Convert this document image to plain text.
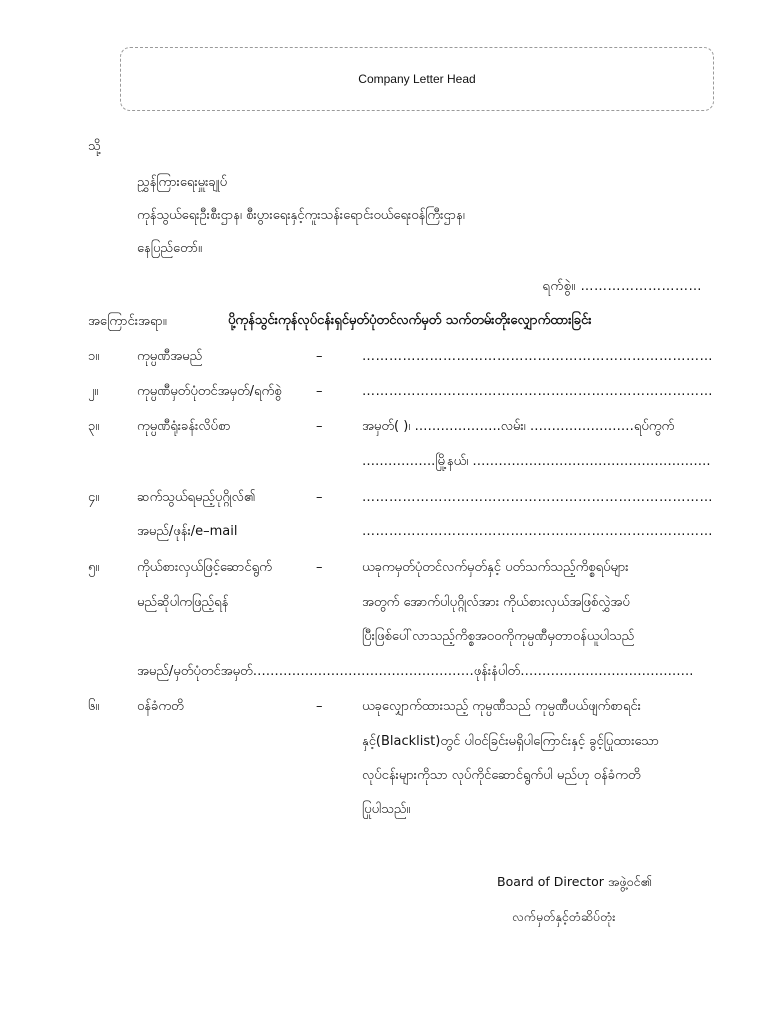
Company Letter Head
သို့
ညွှန်ကြားရေးမှူးချုပ်
ကုန်သွယ်ရေးဦးစီးဌာန၊ စီးပွားရေးနှင့်ကူးသန်းရောင်းဝယ်ရေးဝန်ကြီးဌာန၊
နေပြည်တော်။
ရက်စွဲ။ ………………………
အကြောင်းအရာ။	ပို့ကုန်သွင်းကုန်လုပ်ငန်းရှင်မှတ်ပုံတင်လက်မှတ် သက်တမ်းတိုးလျှောက်ထားခြင်း
၁။	ကုမ္ပဏီအမည်	–	……………………………………………………………………
၂။	ကုမ္ပဏီမှတ်ပုံတင်အမှတ်/ရက်စွဲ	–	……………………………………………………………………
၃။	ကုမ္ပဏီရုံးခန်းလိပ်စာ	–	အမှတ်( )၊ ………………..လမ်း၊ ……………………ရပ်ကွက်
……………..မြို့နယ်၊ ……………………………………………….
၄။	ဆက်သွယ်ရမည့်ပုဂ္ဂိုလ်၏	–	……………………………………………………………………
အမည်/ဖုန်း/e–mail	……………………………………………………………………
၅။	ကိုယ်စားလှယ်ဖြင့်ဆောင်ရွက်	–	ယခုကမှတ်ပုံတင်လက်မှတ်နှင့် ပတ်သက်သည့်ကိစ္စရပ်များ
မည်ဆိုပါကဖြည့်ရန်	အတွက် အောက်ပါပုဂ္ဂိုလ်အား ကိုယ်စားလှယ်အဖြစ်လွှဲအပ်
ပြီးဖြစ်ပေါ်လာသည့်ကိစ္စအဝဝကိုကုမ္ပဏီမှတာဝန်ယူပါသည်
အမည်/မှတ်ပုံတင်အမှတ်……………………………………………ဖုန်းနံပါတ်………………………………….
၆။	ဝန်ခံကတိ	–	ယခုလျှောက်ထားသည့် ကုမ္ပဏီသည် ကုမ္ပဏီပယ်ဖျက်စာရင်း
နှင့်(Blacklist)တွင် ပါဝင်ခြင်းမရှိပါကြောင်းနှင့် ခွင့်ပြုထားသော
လုပ်ငန်းများကိုသာ လုပ်ကိုင်ဆောင်ရွက်ပါ မည်ဟု ဝန်ခံကတိ
ပြုပါသည်။
Board of Director အဖွဲ့ဝင်၏
လက်မှတ်နှင့်တံဆိပ်တုံး
